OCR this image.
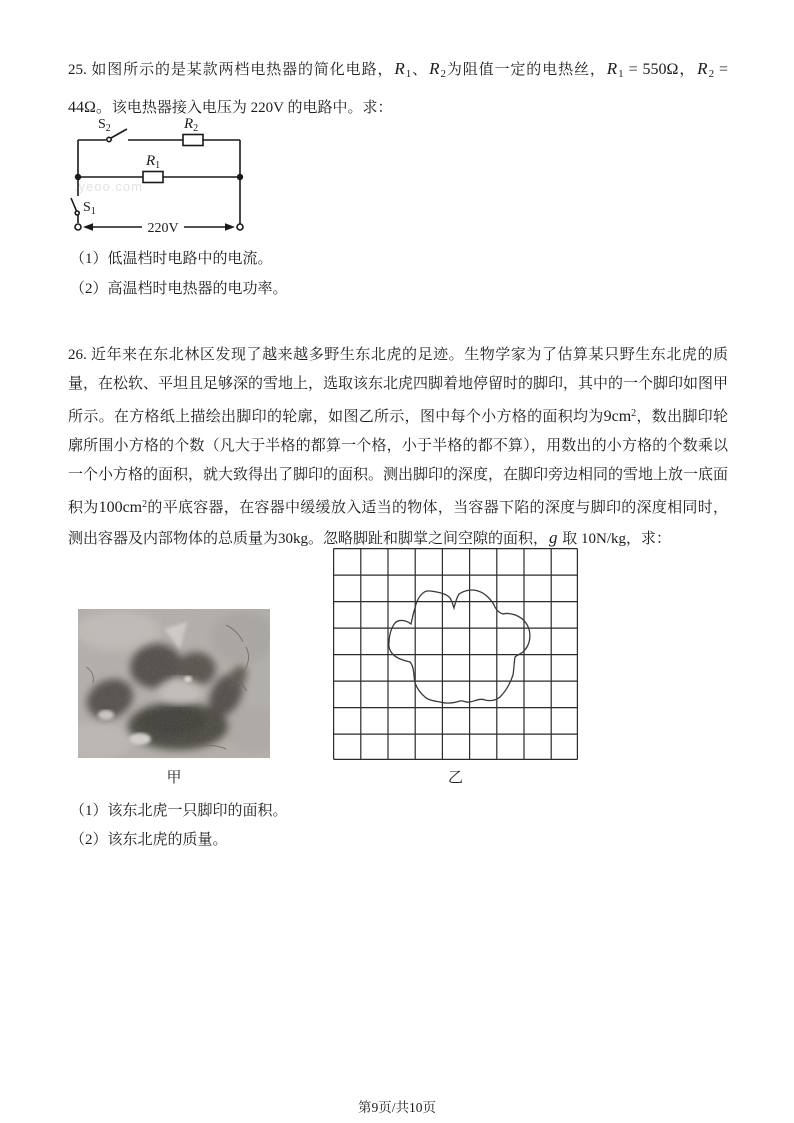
25. 如图所示的是某款两档电热器的简化电路，$R_1$、$R_2$为阻值一定的电热丝，$R_1 = 550\Omega$，$R_2 = 44\Omega$。该电热器接入电压为 220V 的电路中。求：
.yeoo.com
$S_2$	$R_2$
$R_1$
$S_1$
220V
（1）低温档时电路中的电流。
（2）高温档时电热器的电功率。
26. 近年来在东北林区发现了越来越多野生东北虎的足迹。生物学家为了估算某只野生东北虎的质量，在松软、平坦且足够深的雪地上，选取该东北虎四脚着地停留时的脚印，其中的一个脚印如图甲所示。在方格纸上描绘出脚印的轮廓，如图乙所示，图中每个小方格的面积均为$9cm^2$，数出脚印轮廓所围小方格的个数（凡大于半格的都算一个格，小于半格的都不算），用数出的小方格的个数乘以一个小方格的面积，就大致得出了脚印的面积。测出脚印的深度，在脚印旁边相同的雪地上放一底面积为$100cm^2$的平底容器，在容器中缓缓放入适当的物体，当容器下陷的深度与脚印的深度相同时，测出容器及内部物体的总质量为30kg。忽略脚趾和脚掌之间空隙的面积，g 取 10N/kg，求：
甲	乙
（1）该东北虎一只脚印的面积。
（2）该东北虎的质量。
第9页/共10页
